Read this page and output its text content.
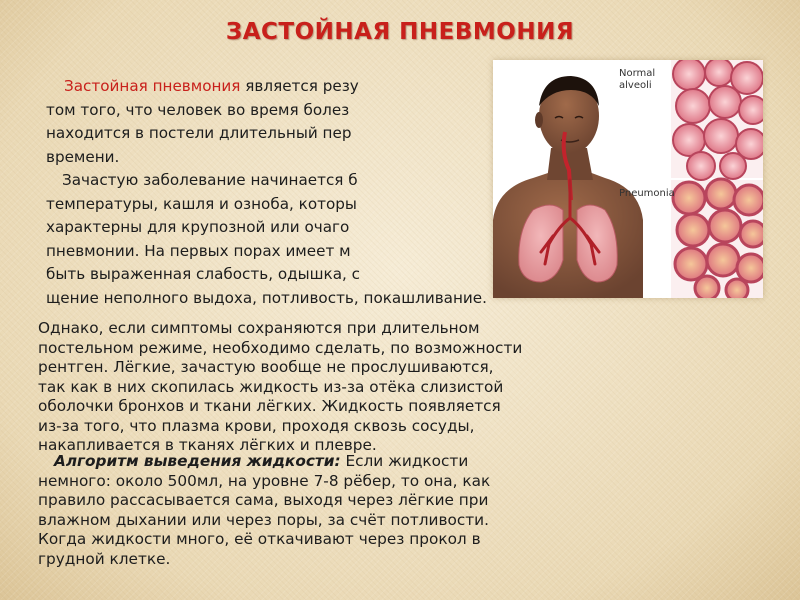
ЗАСТОЙНАЯ ПНЕВМОНИЯ

Застойная пневмония является резу
том того, что человек во время болез
находится в постели длительный пер
времени.
Зачастую заболевание начинается б
температуры, кашля и озноба, которы
характерны для крупозной или очаго
пневмонии. На первых порах имеет м
быть выраженная слабость, одышка, с
щение неполного выдоха, потливость, покашливание.

Normal
alveoli
Pneumonia

Однако, если симптомы сохраняются при длительном
постельном режиме, необходимо сделать, по возможности
рентген. Лёгкие, зачастую вообще не прослушиваются,
так как в них скопилась жидкость из-за отёка слизистой
оболочки бронхов и ткани лёгких. Жидкость появляется
из-за того, что плазма крови, проходя сквозь сосуды,
накапливается в тканях лёгких и плевре.

Алгоритм выведения жидкости: Если жидкости
немного: около 500мл, на уровне 7-8 рёбер, то она, как
правило рассасывается сама, выходя через лёгкие при
влажном дыхании или через поры, за счёт потливости.
Когда жидкости много, её откачивают через прокол в
грудной клетке.
